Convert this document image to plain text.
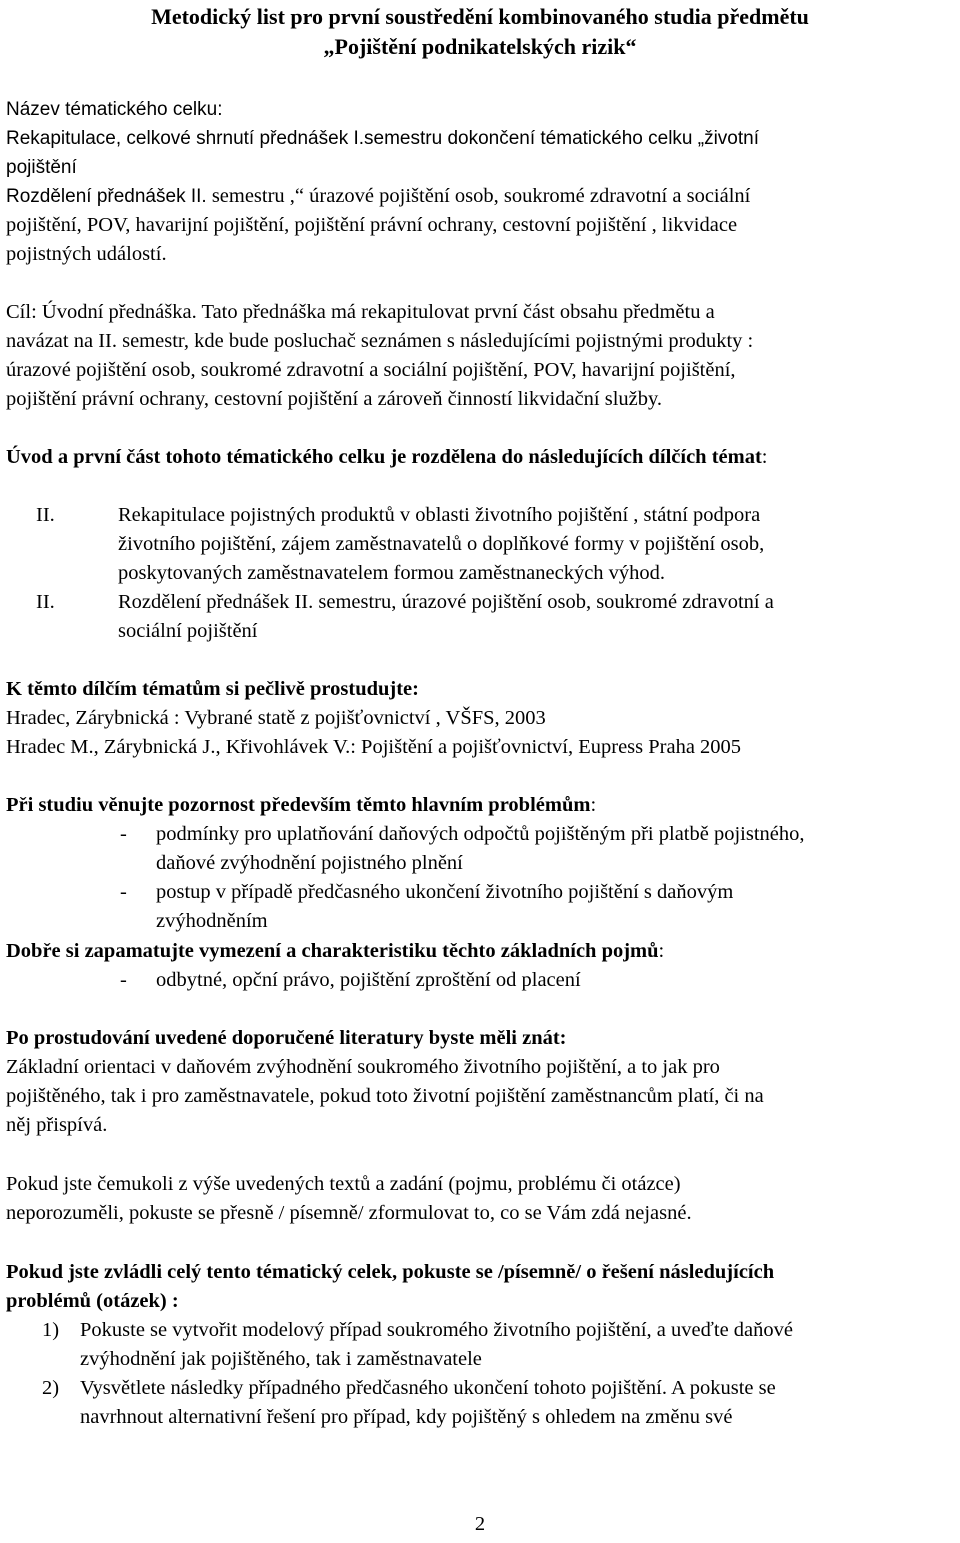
Metodický list pro první soustředění kombinovaného studia předmětu
„Pojištění podnikatelských rizik“
Název tématického celku:
Rekapitulace, celkové shrnutí přednášek I.semestru dokončení tématického celku „životní
pojištění
Rozdělení přednášek II. semestru ,“ úrazové pojištění osob, soukromé zdravotní a sociální
pojištění, POV, havarijní pojištění, pojištění právní ochrany, cestovní pojištění , likvidace
pojistných událostí.
Cíl: Úvodní přednáška. Tato přednáška má rekapitulovat první část obsahu předmětu a
navázat na II. semestr, kde bude posluchač seznámen s následujícími pojistnými produkty :
úrazové pojištění osob, soukromé zdravotní a sociální pojištění, POV, havarijní pojištění,
pojištění právní ochrany, cestovní pojištění a zároveň činností likvidační služby.
Úvod a první část tohoto tématického celku je rozdělena do následujících dílčích témat:
II.	Rekapitulace pojistných produktů v oblasti životního pojištění , státní podpora
životního pojištění, zájem zaměstnavatelů o doplňkové formy v pojištění osob,
poskytovaných zaměstnavatelem formou zaměstnaneckých výhod.
II.	Rozdělení přednášek II. semestru, úrazové pojištění osob, soukromé zdravotní a
sociální pojištění
K těmto dílčím tématům si pečlivě prostudujte:
Hradec, Zárybnická : Vybrané statě z pojišťovnictví , VŠFS, 2003
Hradec M., Zárybnická J., Křivohlávek V.: Pojištění a pojišťovnictví, Eupress Praha 2005
Při studiu věnujte pozornost především těmto hlavním problémům:
- podmínky pro uplatňování daňových odpočtů pojištěným při platbě pojistného,
daňové zvýhodnění pojistného plnění
- postup v případě předčasného ukončení životního pojištění s daňovým
zvýhodněním
Dobře si zapamatujte vymezení a charakteristiku těchto základních pojmů:
- odbytné, opční právo, pojištění zproštění od placení
Po prostudování uvedené doporučené literatury byste měli znát:
Základní orientaci v daňovém zvýhodnění soukromého životního pojištění, a to jak pro
pojištěného, tak i pro zaměstnavatele, pokud toto životní pojištění zaměstnancům platí, či na
něj přispívá.
Pokud jste čemukoli z výše uvedených textů a zadání (pojmu, problému či otázce)
neporozuměli, pokuste se přesně / písemně/ zformulovat to, co se Vám zdá nejasné.
Pokud jste zvládli celý tento tématický celek, pokuste se /písemně/ o řešení následujících
problémů (otázek) :
1) Pokuste se vytvořit modelový případ soukromého životního pojištění, a uveďte daňové
zvýhodnění jak pojištěného, tak i zaměstnavatele
2) Vysvětlete následky případného předčasného ukončení tohoto pojištění. A pokuste se
navrhnout alternativní řešení pro případ, kdy pojištěný s ohledem na změnu své
2
